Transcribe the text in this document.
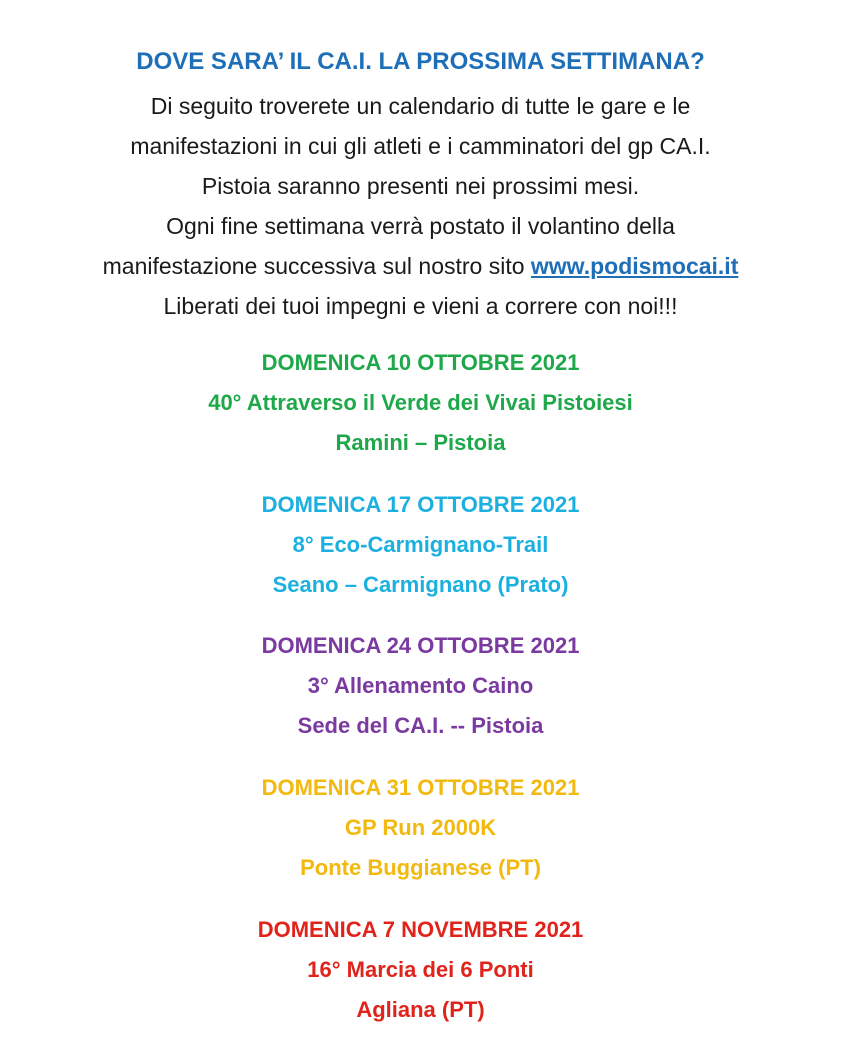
DOVE SARA’ IL CA.I. LA PROSSIMA SETTIMANA?
Di seguito troverete un calendario di tutte le gare e le
manifestazioni in cui gli atleti e i camminatori del gp CA.I.
Pistoia saranno presenti nei prossimi mesi.
Ogni fine settimana verrà postato il volantino della
manifestazione successiva sul nostro sito www.podismocai.it
Liberati dei tuoi impegni e vieni a correre con noi!!!
DOMENICA 10 OTTOBRE 2021
40° Attraverso il Verde dei Vivai Pistoiesi
Ramini – Pistoia
DOMENICA 17 OTTOBRE 2021
8° Eco-Carmignano-Trail
Seano – Carmignano (Prato)
DOMENICA 24 OTTOBRE 2021
3° Allenamento Caino
Sede del CA.I. -- Pistoia
DOMENICA 31 OTTOBRE 2021
GP Run 2000K
Ponte Buggianese (PT)
DOMENICA 7 NOVEMBRE 2021
16° Marcia dei 6 Ponti
Agliana (PT)
